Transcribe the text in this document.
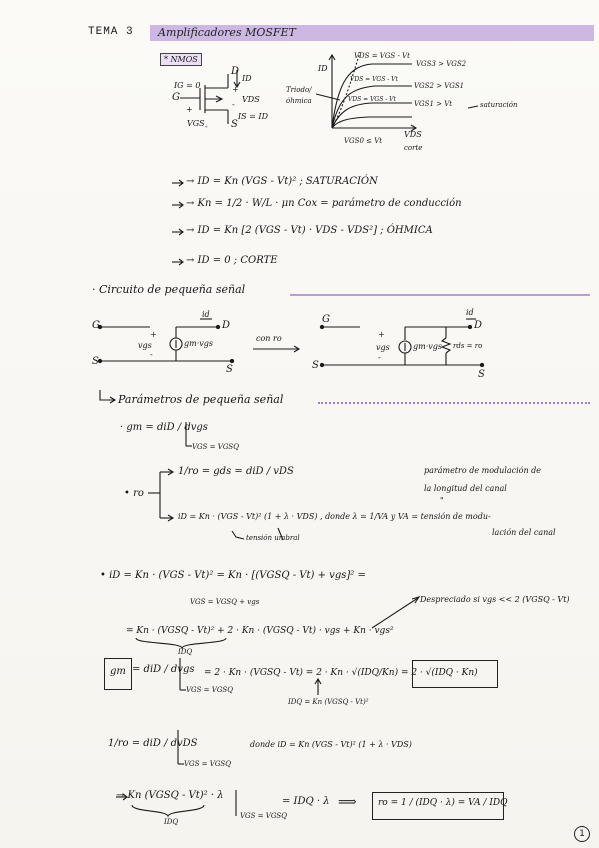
TEMA 3 Amplificadores MOSFET
* NMOS
IG = 0
G
D
S
ID
VDS
VGS
IS = ID
+
-
+
-
ID
VDS
Triodo/
óhmica
VDS = VGS - Vt
VGS3 > VGS2
VGS2 > VGS1
VGS1 > Vt	saturación
VGS0 ≤ Vt
corte
VDS = VGS - Vt
VDS = VGS - Vt
→ ID = Kn (VGS - Vt)² ; SATURACIÓN
→ Kn = 1/2 · W/L · μn Cox = parámetro de conducción
→ ID = Kn [2 (VGS - Vt) · VDS - VDS²] ; ÓHMICA
→ ID = 0 ; CORTE
· Circuito de pequeña señal
con ro
G	D
S
S
id
vgs	gm·vgs
+
-
G
D
S
S
id
vgs	gm·vgs rds = ro
+
-
Parámetros de pequeña señal
· gm = diD / dvgs
VGS = VGSQ
• ro
1/ro = gds = diD / vDS	parámetro de modulación de
la longitud del canal
"
iD = Kn · (VGS - Vt)² (1 + λ · VDS) , donde λ = 1/VA y VA = tensión de modu-
lación del canal
tensión umbral
• iD = Kn · (VGS - Vt)² = Kn · [(VGSQ - Vt) + vgs]² =
VGS = VGSQ + vgs	Despreciado si vgs << 2 (VGSQ - Vt)
= Kn · (VGSQ - Vt)² + 2 · Kn · (VGSQ - Vt) · vgs + Kn · vgs²
IDQ
gm = diD / dvgs
VGS = VGSQ
= 2 · Kn · (VGSQ - Vt) = 2 · Kn · √(IDQ/Kn) = 2 · √(IDQ · Kn)
IDQ = Kn (VGSQ - Vt)²
1/ro = diD / dvDS
VGS = VGSQ
donde iD = Kn (VGS - Vt)² (1 + λ · VDS)
→ Kn (VGSQ - Vt)² · λ
IDQ
VGS = VGSQ
= IDQ · λ ⟹ ro = 1 / (IDQ · λ) = VA / IDQ
1
